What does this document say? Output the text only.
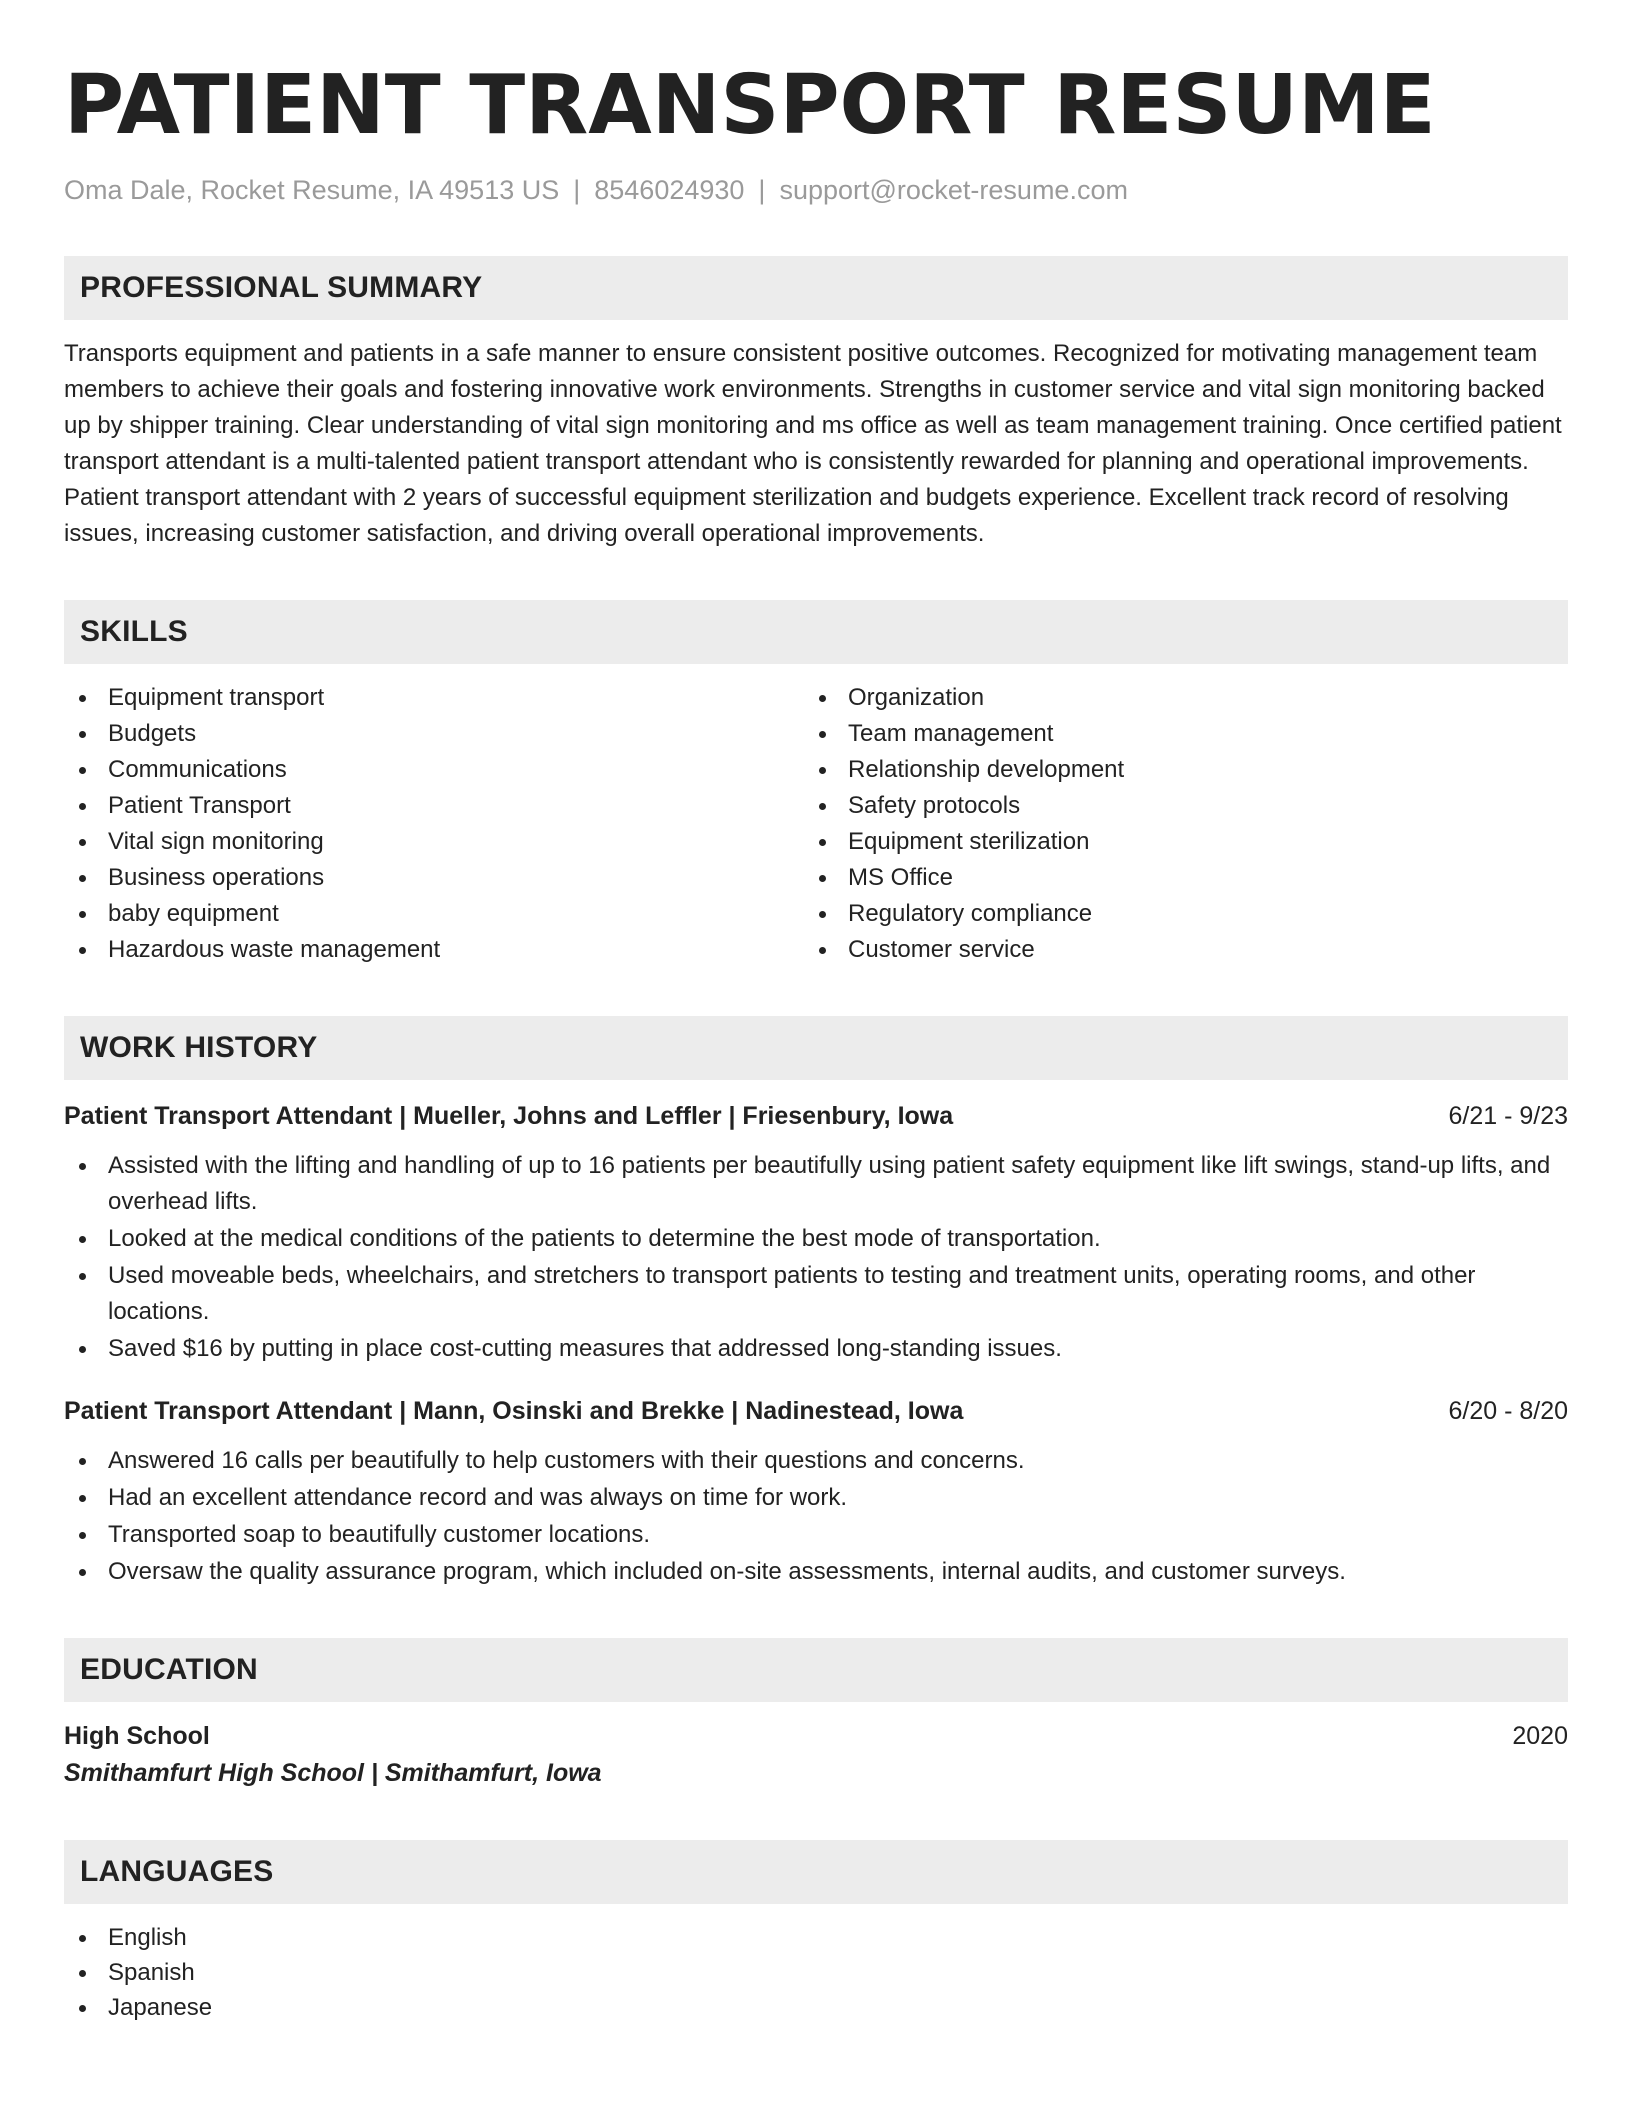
PATIENT TRANSPORT RESUME
Oma Dale, Rocket Resume, IA 49513 US | 8546024930 | support@rocket-resume.com
PROFESSIONAL SUMMARY

Transports equipment and patients in a safe manner to ensure consistent positive outcomes. Recognized for motivating management team members to achieve their goals and fostering innovative work environments. Strengths in customer service and vital sign monitoring backed up by shipper training. Clear understanding of vital sign monitoring and ms office as well as team management training. Once certified patient transport attendant is a multi-talented patient transport attendant who is consistently rewarded for planning and operational improvements. Patient transport attendant with 2 years of successful equipment sterilization and budgets experience. Excellent track record of resolving issues, increasing customer satisfaction, and driving overall operational improvements.

SKILLS
Equipment transport
Budgets
Communications
Patient Transport
Vital sign monitoring
Business operations
baby equipment
Hazardous waste management
Organization
Team management
Relationship development
Safety protocols
Equipment sterilization
MS Office
Regulatory compliance
Customer service
WORK HISTORY
Patient Transport Attendant | Mueller, Johns and Leffler | Friesenbury, Iowa	6/21 - 9/23
Assisted with the lifting and handling of up to 16 patients per beautifully using patient safety equipment like lift swings, stand-up lifts, and overhead lifts.
Looked at the medical conditions of the patients to determine the best mode of transportation.
Used moveable beds, wheelchairs, and stretchers to transport patients to testing and treatment units, operating rooms, and other locations.
Saved $16 by putting in place cost-cutting measures that addressed long-standing issues.
Patient Transport Attendant | Mann, Osinski and Brekke | Nadinestead, Iowa	6/20 - 8/20
Answered 16 calls per beautifully to help customers with their questions and concerns.
Had an excellent attendance record and was always on time for work.
Transported soap to beautifully customer locations.
Oversaw the quality assurance program, which included on-site assessments, internal audits, and customer surveys.
EDUCATION
High School	2020
Smithamfurt High School | Smithamfurt, Iowa
LANGUAGES
English
Spanish
Japanese
